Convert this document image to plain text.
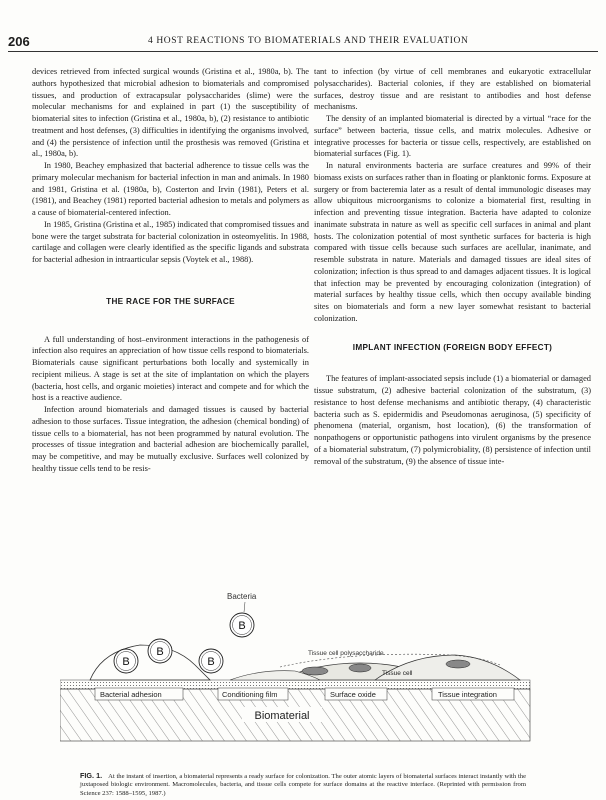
206	4 HOST REACTIONS TO BIOMATERIALS AND THEIR EVALUATION

devices retrieved from infected surgical wounds (Gristina et al., 1980a, b). The authors hypothesized that microbial adhesion to biomaterials and compromised tissues, and production of extracapsular polysaccharides (slime) were the molecular mechanisms for and explained in part (1) the susceptibility of biomaterial sites to infection (Gristina et al., 1980a, b), (2) resistance to antibiotic treatment and host defenses, (3) difficulties in identifying the organisms involved, and (4) the persistence of infection until the prosthesis was removed (Gristina et al., 1980a, b).

In 1980, Beachey emphasized that bacterial adherence to tissue cells was the primary molecular mechanism for bacterial infection in man and animals. In 1980 and 1981, Gristina et al. (1980a, b), Costerton and Irvin (1981), Peters et al. (1981), and Beachey (1981) reported bacterial adhesion to metals and polymers as a cause of biomaterial-centered infection.

In 1985, Gristina (Gristina et al., 1985) indicated that compromised tissues and bone were the target substrata for bacterial colonization in osteomyelitis. In 1988, cartilage and collagen were clearly identified as the specific ligands and substrata for bacterial adhesion in intraarticular sepsis (Voytek et al., 1988).

THE RACE FOR THE SURFACE

A full understanding of host–environment interactions in the pathogenesis of infection also requires an appreciation of how tissue cells respond to biomaterials. Biomaterials cause significant perturbations both locally and systemically in recipient milieus. A stage is set at the site of implantation on which the players (bacteria, host cells, and organic moieties) interact and compete and for which the host is a reactive audience.

Infection around biomaterials and damaged tissues is caused by bacterial adhesion to those surfaces. Tissue integration, the adhesion (chemical bonding) of tissue cells to a biomaterial, has not been programmed by natural evolution. The processes of tissue integration and bacterial adhesion are biochemically parallel, may be competitive, and may be mutually exclusive. Surfaces well colonized by healthy tissue cells tend to be resis-

tant to infection (by virtue of cell membranes and eukaryotic extracellular polysaccharides). Bacterial colonies, if they are established on biomaterial surfaces, destroy tissue and are resistant to antibodies and host defense mechanisms.

The density of an implanted biomaterial is directed by a virtual “race for the surface” between bacteria, tissue cells, and matrix molecules. Adhesive or integrative processes for bacteria or tissue cells, respectively, are established on biomaterial surfaces (Fig. 1).

In natural environments bacteria are surface creatures and 99% of their biomass exists on surfaces rather than in floating or planktonic forms. Exposure at surgery or from bacteremia later as a result of dental immunologic diseases may allow ubiquitous microorganisms to colonize a biomaterial first, resulting in infection and preventing tissue integration. Bacteria have adapted to colonize inanimate substrata in nature as well as specific cell surfaces in animal and plant hosts. The colonization potential of most synthetic surfaces for bacteria is high compared with tissue cells because such surfaces are acellular, inanimate, and resemble substrata in nature. Materials and damaged tissues are ideal sites of colonization; infection is thus spread to and damages adjacent tissues. It is logical that infection may be prevented by encouraging colonization (integration) of material surfaces by healthy tissue cells, which then occupy available binding sites on biomaterials and form a new layer somewhat resistant to bacterial colonization.

IMPLANT INFECTION (FOREIGN BODY EFFECT)

The features of implant-associated sepsis include (1) a biomaterial or damaged tissue substratum, (2) adhesive bacterial colonization of the substratum, (3) resistance to host defense mechanisms and antibiotic therapy, (4) characteristic bacteria such as S. epidermidis and Pseudomonas aeruginosa, (5) specificity of phenomena (material, organism, host location), (6) the transformation of nonpathogens or opportunistic pathogens into virulent organisms by the presence of a biomaterial substratum, (7) polymicrobiality, (8) persistence of infection until removal of the substratum, (9) the absence of tissue inte-

B
B
B
B
Bacteria
Tissue cell polysaccharide
Tissue cell
Bacterial adhesion	Conditioning film	Surface oxide	Tissue integration
Biomaterial
FIG. 1. At the instant of insertion, a biomaterial represents a ready surface for colonization. The outer atomic layers of biomaterial surfaces interact instantly with the juxtaposed biologic environment. Macromolecules, bacteria, and tissue cells compete for surface domains at the reactive interface. (Reprinted with permission from Science 237: 1588–1595, 1987.)
